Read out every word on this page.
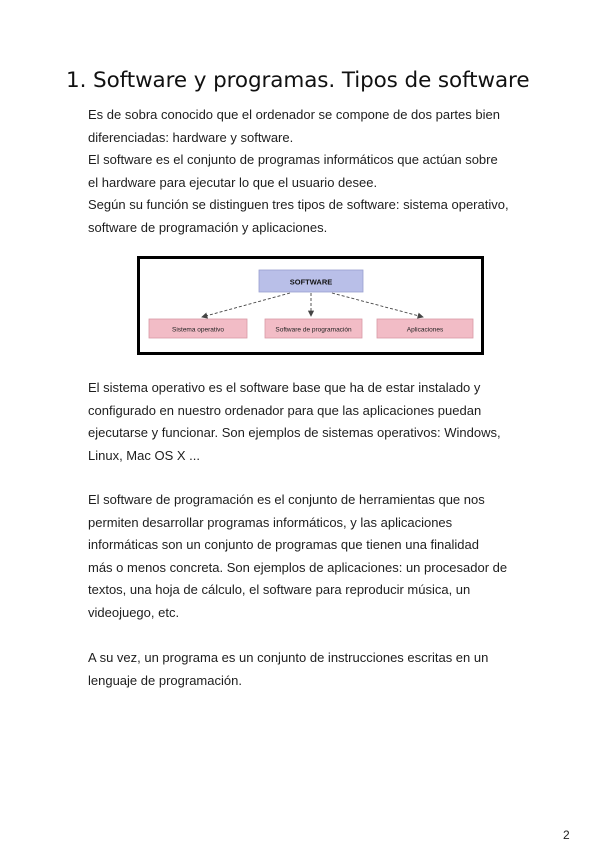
1. Software y programas. Tipos de software
Es de sobra conocido que el ordenador se compone de dos partes bien
diferenciadas: hardware y software.
El software es el conjunto de programas informáticos que actúan sobre
el hardware para ejecutar lo que el usuario desee.
Según su función se distinguen tres tipos de software: sistema operativo,
software de programación y aplicaciones.
SOFTWARE
Sistema operativo	Software de programación	Aplicaciones
El sistema operativo es el software base que ha de estar instalado y
configurado en nuestro ordenador para que las aplicaciones puedan
ejecutarse y funcionar. Son ejemplos de sistemas operativos: Windows,
Linux, Mac OS X ...
El software de programación es el conjunto de herramientas que nos
permiten desarrollar programas informáticos, y las aplicaciones
informáticas son un conjunto de programas que tienen una finalidad
más o menos concreta. Son ejemplos de aplicaciones: un procesador de
textos, una hoja de cálculo, el software para reproducir música, un
videojuego, etc.
A su vez, un programa es un conjunto de instrucciones escritas en un
lenguaje de programación.
2
